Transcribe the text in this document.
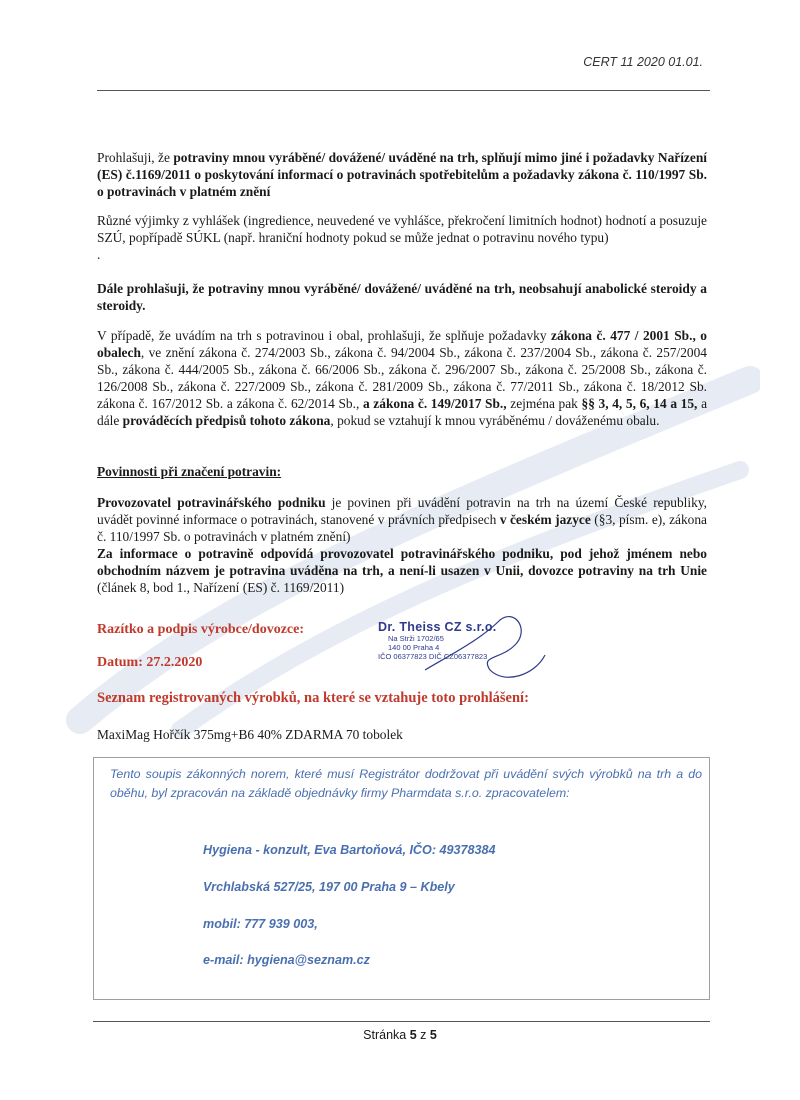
CERT 11 2020 01.01.
Prohlašuji, že potraviny mnou vyráběné/ dovážené/ uváděné na trh, splňují mimo jiné i požadavky Nařízení (ES) č.1169/2011 o poskytování informací o potravinách spotřebitelům a požadavky zákona č. 110/1997 Sb. o potravinách v platném znění
Různé výjimky z vyhlášek (ingredience, neuvedené ve vyhlášce, překročení limitních hodnot) hodnotí a posuzuje SZÚ, popřípadě SÚKL (např. hraniční hodnoty pokud se může jednat o potravinu nového typu)
.
Dále prohlašuji, že potraviny mnou vyráběné/ dovážené/ uváděné na trh, neobsahují anabolické steroidy a steroidy.
V případě, že uvádím na trh s potravinou i obal, prohlašuji, že splňuje požadavky zákona č. 477 / 2001 Sb., o obalech, ve znění zákona č. 274/2003 Sb., zákona č. 94/2004 Sb., zákona č. 237/2004 Sb., zákona č. 257/2004 Sb., zákona č. 444/2005 Sb., zákona č. 66/2006 Sb., zákona č. 296/2007 Sb., zákona č. 25/2008 Sb., zákona č. 126/2008 Sb., zákona č. 227/2009 Sb., zákona č. 281/2009 Sb., zákona č. 77/2011 Sb., zákona č. 18/2012 Sb. zákona č. 167/2012 Sb. a zákona č. 62/2014 Sb., a zákona č. 149/2017 Sb., zejména pak §§ 3, 4, 5, 6, 14 a 15, a dále prováděcích předpisů tohoto zákona, pokud se vztahují k mnou vyráběnému / dováženému obalu.
Povinnosti při značení potravin:
Provozovatel potravinářského podniku je povinen při uvádění potravin na trh na území České republiky, uvádět povinné informace o potravinách, stanovené v právních předpisech v českém jazyce (§3, písm. e), zákona č. 110/1997 Sb. o potravinách v platném znění)
Za informace o potravině odpovídá provozovatel potravinářského podniku, pod jehož jménem nebo obchodním názvem je potravina uváděna na trh, a není-li usazen v Unii, dovozce potraviny na trh Unie (článek 8, bod 1., Nařízení (ES) č. 1169/2011)
Razítko a podpis výrobce/dovozce:
Datum: 27.2.2020
Dr. Theiss CZ s.r.o.
Na Strži 1702/65
140 00 Praha 4
IČO 06377823 DIČ CZ06377823
Seznam registrovaných výrobků, na které se vztahuje toto prohlášení:
MaxiMag Hořčík 375mg+B6 40% ZDARMA 70 tobolek
Tento soupis zákonných norem, které musí Registrátor dodržovat při uvádění svých výrobků na trh a do oběhu, byl zpracován na základě objednávky firmy Pharmdata s.r.o. zpracovatelem:
Hygiena - konzult, Eva Bartoňová, IČO: 49378384
Vrchlabská 527/25, 197 00 Praha 9 – Kbely
mobil: 777 939 003,
e-mail: hygiena@seznam.cz
Stránka 5 z 5
